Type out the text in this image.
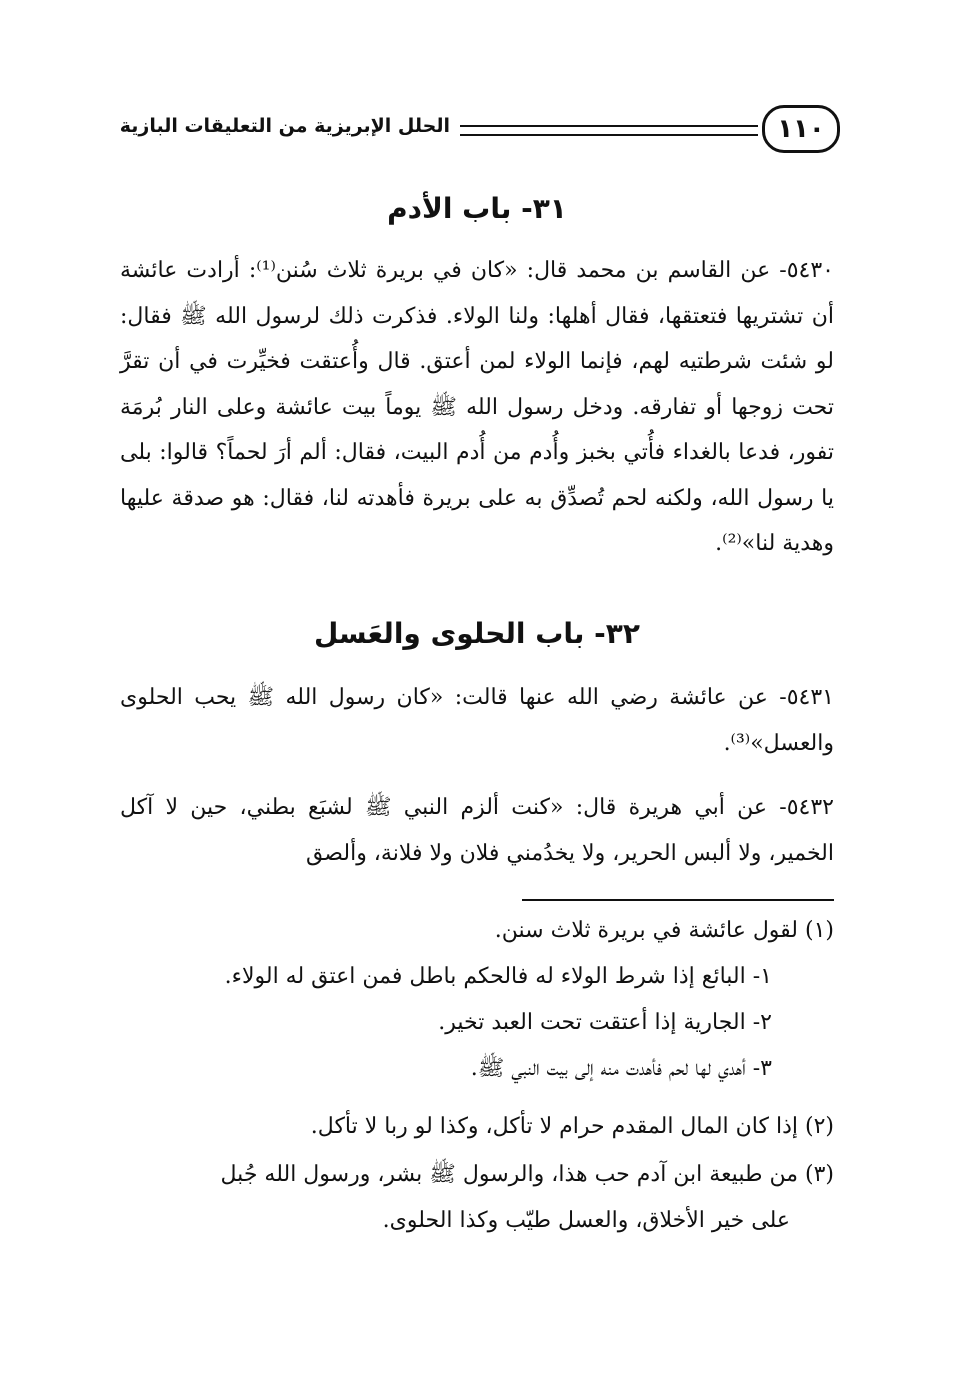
١١٠
الحلل الإبريزية من التعليقات البازية
٣١- باب الأدم
٥٤٣٠- عن القاسم بن محمد قال: «كان في بريرة ثلاث سُنن⁽¹⁾: أرادت عائشة أن تشتريها فتعتقها، فقال أهلها: ولنا الولاء. فذكرت ذلك لرسول الله ﷺ فقال: لو شئت شرطتيه لهم، فإنما الولاء لمن أعتق. قال وأُعتقت فخيِّرت في أن تقرَّ تحت زوجها أو تفارقه. ودخل رسول الله ﷺ يوماً بيت عائشة وعلى النار بُرمَة تفور، فدعا بالغداء فأُتي بخبز وأُدم من أُدم البيت، فقال: ألم أرَ لحماً؟ قالوا: بلى يا رسول الله، ولكنه لحم تُصدِّق به على بريرة فأهدته لنا، فقال: هو صدقة عليها وهدية لنا»⁽²⁾.
٣٢- باب الحلوى والعَسل
٥٤٣١- عن عائشة رضي الله عنها قالت: «كان رسول الله ﷺ يحب الحلوى والعسل»⁽³⁾.
٥٤٣٢- عن أبي هريرة قال: «كنت ألزم النبي ﷺ لشبَع بطني، حين لا آكل الخمير، ولا ألبس الحرير، ولا يخدُمني فلان ولا فلانة، وألصق
(١) لقول عائشة في بريرة ثلاث سنن.
١- البائع إذا شرط الولاء له فالحكم باطل فمن اعتق له الولاء.
٢- الجارية إذا أعتقت تحت العبد تخير.
٣- أهدي لها لحم فأهدت منه إلى بيت النبي ﷺ.
(٢) إذا كان المال المقدم حرام لا تأكل، وكذا لو ربا لا تأكل.
(٣) من طبيعة ابن آدم حب هذا، والرسول ﷺ بشر، ورسول الله جُبل
على خير الأخلاق، والعسل طيّب وكذا الحلوى.
